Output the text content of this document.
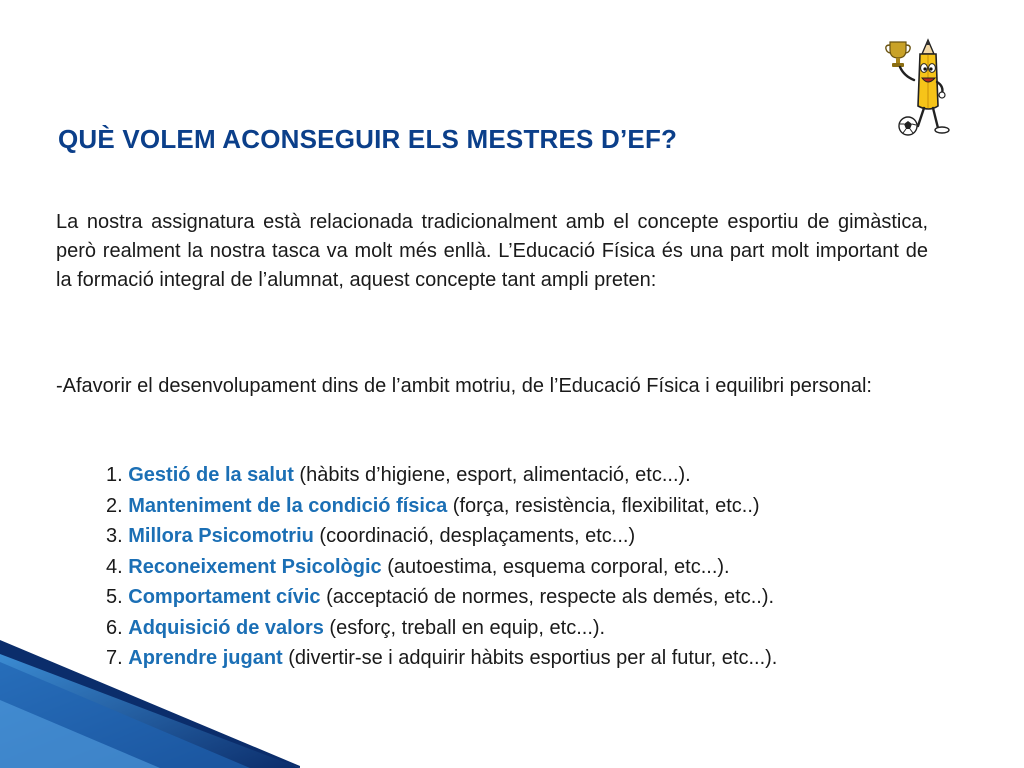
QUÈ VOLEM ACONSEGUIR ELS MESTRES D’EF?

La nostra assignatura està relacionada tradicionalment amb el concepte esportiu de gimàstica, però realment la nostra tasca va molt més enllà. L’Educació Física és una part molt important de la formació integral de l’alumnat, aquest concepte tant ampli preten:

-Afavorir el desenvolupament dins de l’ambit motriu, de l’Educació Física i equilibri personal:

1. Gestió de la salut (hàbits d’higiene, esport, alimentació, etc...).
2. Manteniment de la condició física (força, resistència, flexibilitat, etc..)
3. Millora Psicomotriu (coordinació, desplaçaments, etc...)
4. Reconeixement Psicològic (autoestima, esquema corporal, etc...).
5. Comportament cívic (acceptació de normes, respecte als demés, etc..).
6. Adquisició de valors (esforç, treball en equip, etc...).
7. Aprendre jugant (divertir-se i adquirir hàbits esportius per al futur, etc...).
